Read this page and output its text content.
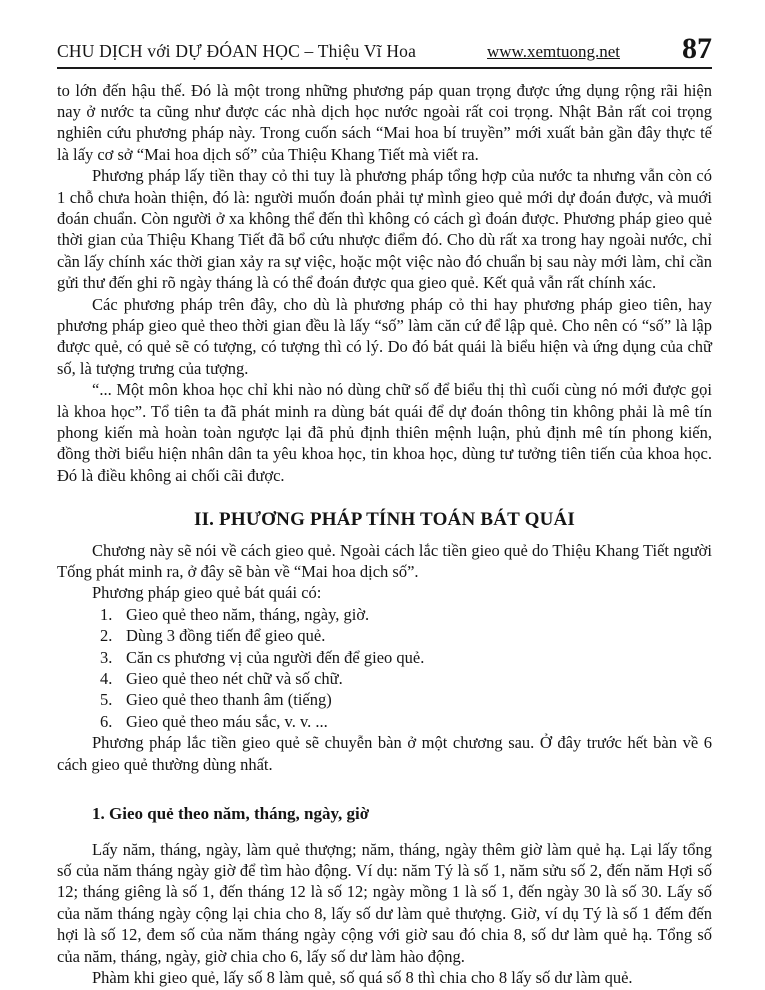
CHU DỊCH với DỰ ĐÓAN HỌC – Thiệu Vĩ Hoa	www.xemtuong.net 87

to lớn đến hậu thế. Đó là một trong những phương páp quan trọng được ứng dụng rộng rãi hiện nay ở nước ta cũng như được các nhà dịch học nước ngoài rất coi trọng. Nhật Bản rất coi trọng nghiên cứu phương pháp này. Trong cuốn sách “Mai hoa bí truyền” mới xuất bản gần đây thực tế là lấy cơ sở “Mai hoa dịch số” của Thiệu Khang Tiết mà viết ra.

Phương pháp lấy tiền thay cỏ thi tuy là phương pháp tổng hợp của nước ta nhưng vẫn còn có 1 chỗ chưa hoàn thiện, đó là: người muốn đoán phải tự mình gieo quẻ mới dự đoán được, và muới đoán chuẩn. Còn người ở xa không thể đến thì không có cách gì đoán được. Phương pháp gieo quẻ thời gian của Thiệu Khang Tiết đã bổ cứu nhược điểm đó. Cho dù rất xa trong hay ngoài nước, chỉ cần lấy chính xác thời gian xảy ra sự việc, hoặc một việc nào đó chuẩn bị sau này mới làm, chỉ cần gửi thư đến ghi rõ ngày tháng là có thể đoán được qua gieo quẻ. Kết quả vẫn rất chính xác.

Các phương pháp trên đây, cho dù là phương pháp cỏ thi hay phương pháp gieo tiên, hay phương pháp gieo quẻ theo thời gian đều là lấy “số” làm căn cứ để lập quẻ. Cho nên có “số” là lập được quẻ, có quẻ sẽ có tượng, có tượng thì có lý. Do đó bát quái là biểu hiện và ứng dụng của chữ số, là tượng trưng của tượng.

“... Một môn khoa học chỉ khi nào nó dùng chữ số để biểu thị thì cuối cùng nó mới được gọi là khoa học”. Tổ tiên ta đã phát minh ra dùng bát quái để dự đoán thông tin không phải là mê tín phong kiến mà hoàn toàn ngược lại đã phủ định thiên mệnh luận, phủ định mê tín phong kiến, đồng thời biểu hiện nhân dân ta yêu khoa học, tin khoa học, dùng tư tưởng tiên tiến của khoa học. Đó là điều không ai chối cãi được.

II. PHƯƠNG PHÁP TÍNH TOÁN BÁT QUÁI

Chương này sẽ nói về cách gieo quẻ. Ngoài cách lắc tiền gieo quẻ do Thiệu Khang Tiết người Tống phát minh ra, ở đây sẽ bàn về “Mai hoa dịch số”.

Phương pháp gieo quẻ bát quái có:

1. Gieo quẻ theo năm, tháng, ngày, giờ.
2. Dùng 3 đồng tiến để gieo quẻ.
3. Căn cs phương vị của người đến để gieo quẻ.
4. Gieo quẻ theo nét chữ và số chữ.
5. Gieo quẻ theo thanh âm (tiếng)
6. Gieo quẻ theo máu sắc, v. v. ...

Phương pháp lắc tiền gieo quẻ sẽ chuyễn bàn ở một chương sau. Ở đây trước hết bàn về 6 cách gieo quẻ thường dùng nhất.

1. Gieo quẻ theo năm, tháng, ngày, giờ

Lấy năm, tháng, ngày, làm quẻ thượng; năm, tháng, ngày thêm giờ làm quẻ hạ. Lại lấy tổng số của năm tháng ngày giờ để tìm hào động. Ví dụ: năm Tý là số 1, năm sửu số 2, đến năm Hợi số 12; tháng giêng là số 1, đến tháng 12 là số 12; ngày mồng 1 là số 1, đến ngày 30 là số 30. Lấy số của năm tháng ngày cộng lại chia cho 8, lấy số dư làm quẻ thượng. Giờ, ví dụ Tý là số 1 đếm đến hợi là số 12, đem số của năm tháng ngày cộng với giờ sau đó chia 8, số dư làm quẻ hạ. Tổng số của năm, tháng, ngày, giờ chia cho 6, lấy số dư làm hào động.

Phàm khi gieo quẻ, lấy số 8 làm quẻ, số quá số 8 thì chia cho 8 lấy số dư làm quẻ.
